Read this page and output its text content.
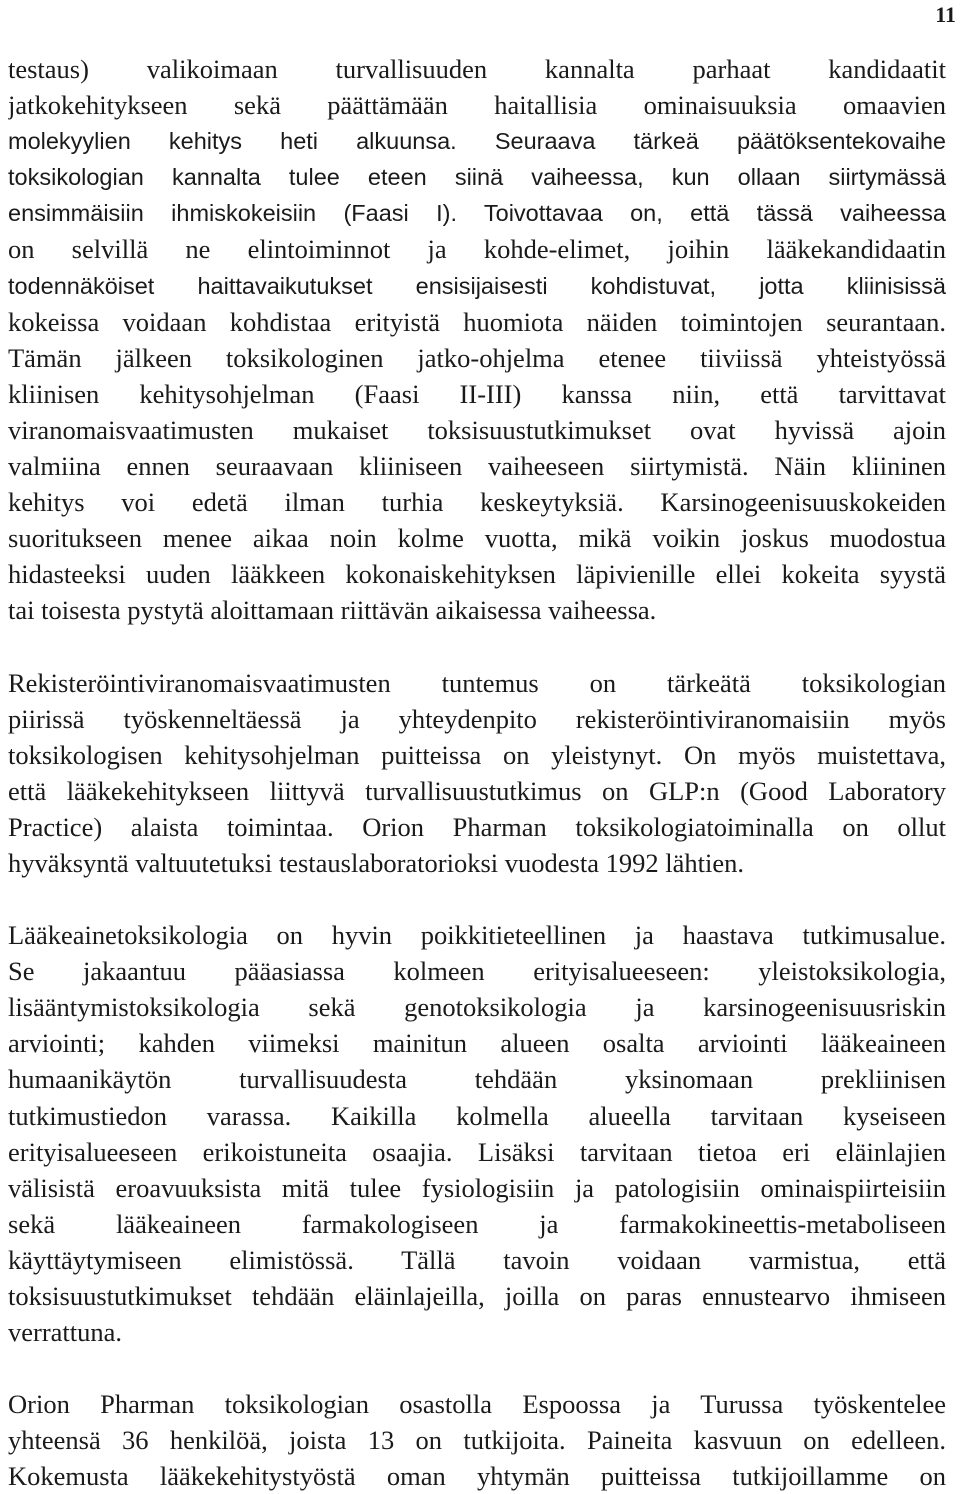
11

testaus) valikoimaan turvallisuuden kannalta parhaat kandidaatit
jatkokehitykseen sekä päättämään haitallisia ominaisuuksia omaavien
molekyylien kehitys heti alkuunsa. Seuraava tärkeä päätöksentekovaihe
toksikologian kannalta tulee eteen siinä vaiheessa, kun ollaan siirtymässä
ensimmäisiin ihmiskokeisiin (Faasi I). Toivottavaa on, että tässä vaiheessa
on selvillä ne elintoiminnot ja kohde-elimet, joihin lääkekandidaatin
todennäköiset haittavaikutukset ensisijaisesti kohdistuvat, jotta kliinisissä
kokeissa voidaan kohdistaa erityistä huomiota näiden toimintojen seurantaan.
Tämän jälkeen toksikologinen jatko-ohjelma etenee tiiviissä yhteistyössä
kliinisen kehitysohjelman (Faasi II-III) kanssa niin, että tarvittavat
viranomaisvaatimusten mukaiset toksisuustutkimukset ovat hyvissä ajoin
valmiina ennen seuraavaan kliiniseen vaiheeseen siirtymistä. Näin kliininen
kehitys voi edetä ilman turhia keskeytyksiä. Karsinogeenisuuskokeiden
suoritukseen menee aikaa noin kolme vuotta, mikä voikin joskus muodostua
hidasteeksi uuden lääkkeen kokonaiskehityksen läpivienille ellei kokeita syystä
tai toisesta pystytä aloittamaan riittävän aikaisessa vaiheessa.

Rekisteröintiviranomaisvaatimusten tuntemus on tärkeätä toksikologian
piirissä työskenneltäessä ja yhteydenpito rekisteröintiviranomaisiin myös
toksikologisen kehitysohjelman puitteissa on yleistynyt. On myös muistettava,
että lääkekehitykseen liittyvä turvallisuustutkimus on GLP:n (Good Laboratory
Practice) alaista toimintaa. Orion Pharman toksikologiatoiminalla on ollut
hyväksyntä valtuutetuksi testauslaboratorioksi vuodesta 1992 lähtien.

Lääkeainetoksikologia on hyvin poikkitieteellinen ja haastava tutkimusalue.
Se jakaantuu pääasiassa kolmeen erityisalueeseen: yleistoksikologia,
lisääntymistoksikologia sekä genotoksikologia ja karsinogeenisuusriskin
arviointi; kahden viimeksi mainitun alueen osalta arviointi lääkeaineen
humaanikäytön turvallisuudesta tehdään yksinomaan prekliinisen
tutkimustiedon varassa. Kaikilla kolmella alueella tarvitaan kyseiseen
erityisalueeseen erikoistuneita osaajia. Lisäksi tarvitaan tietoa eri eläinlajien
välisistä eroavuuksista mitä tulee fysiologisiin ja patologisiin ominaispiirteisiin
sekä lääkeaineen farmakologiseen ja farmakokineettis-metaboliseen
käyttäytymiseen elimistössä. Tällä tavoin voidaan varmistua, että
toksisuustutkimukset tehdään eläinlajeilla, joilla on paras ennustearvo ihmiseen
verrattuna.

Orion Pharman toksikologian osastolla Espoossa ja Turussa työskentelee
yhteensä 36 henkilöä, joista 13 on tutkijoita. Paineita kasvuun on edelleen.
Kokemusta lääkekehitystyöstä oman yhtymän puitteissa tutkijoillamme on
